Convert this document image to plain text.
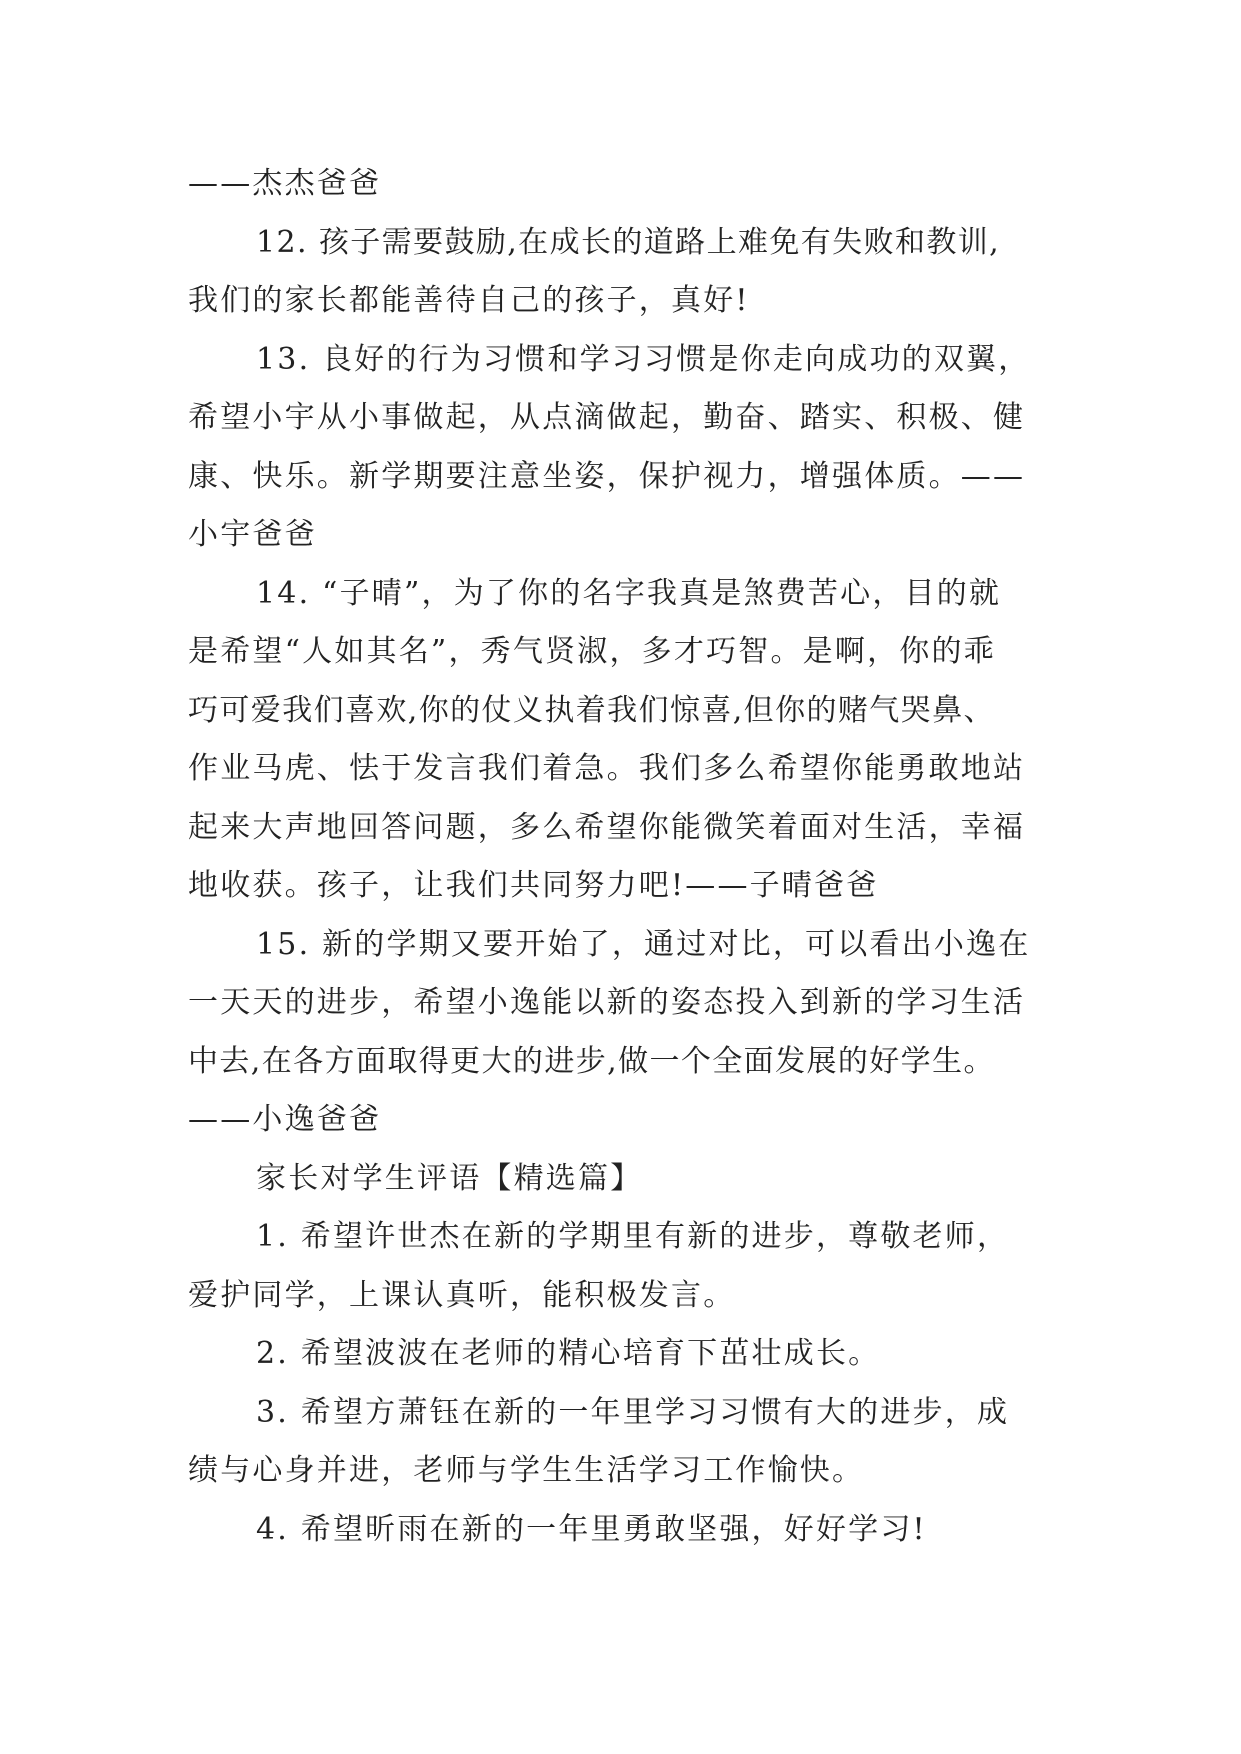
——杰杰爸爸
12. 孩子需要鼓励,在成长的道路上难免有失败和教训,
我们的家长都能善待自己的孩子，真好!
13. 良好的行为习惯和学习习惯是你走向成功的双翼，
希望小宇从小事做起，从点滴做起，勤奋、踏实、积极、健
康、快乐。新学期要注意坐姿，保护视力，增强体质。——
小宇爸爸
14. “子晴”，为了你的名字我真是煞费苦心，目的就
是希望“人如其名”，秀气贤淑，多才巧智。是啊，你的乖
巧可爱我们喜欢,你的仗义执着我们惊喜,但你的赌气哭鼻、
作业马虎、怯于发言我们着急。我们多么希望你能勇敢地站
起来大声地回答问题，多么希望你能微笑着面对生活，幸福
地收获。孩子，让我们共同努力吧!——子晴爸爸
15. 新的学期又要开始了，通过对比，可以看出小逸在
一天天的进步，希望小逸能以新的姿态投入到新的学习生活
中去,在各方面取得更大的进步,做一个全面发展的好学生。
——小逸爸爸
家长对学生评语【精选篇】
1. 希望许世杰在新的学期里有新的进步，尊敬老师，
爱护同学，上课认真听，能积极发言。
2. 希望波波在老师的精心培育下茁壮成长。
3. 希望方萧钰在新的一年里学习习惯有大的进步，成
绩与心身并进，老师与学生生活学习工作愉快。
4. 希望昕雨在新的一年里勇敢坚强，好好学习!
